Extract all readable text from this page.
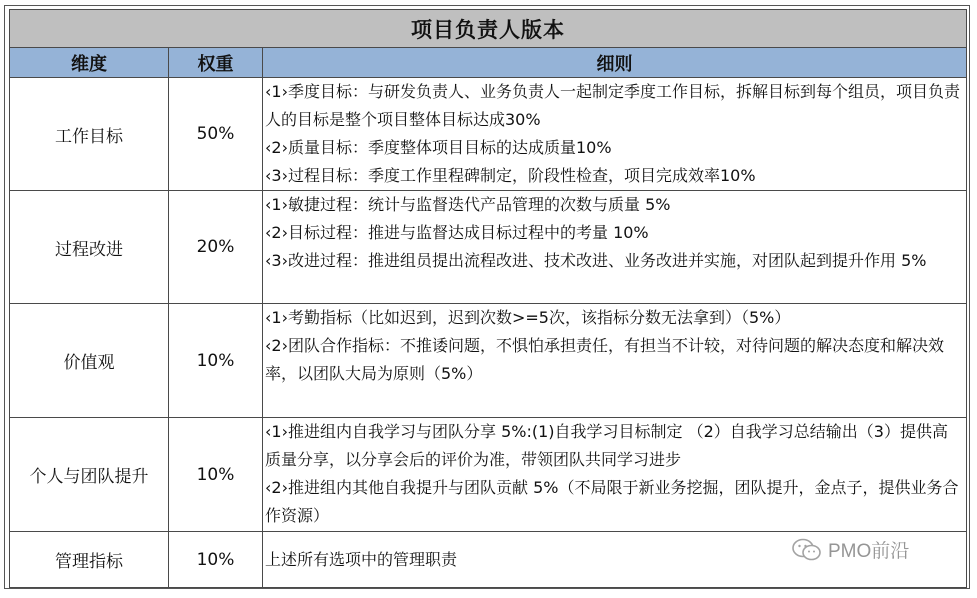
项目负责人版本		
维度	权重	细则
工作目标	50%	‹1›季度目标：与研发负责人、业务负责人一起制定季度工作目标，拆解目标到每个组员，项目负责人的目标是整个项目整体目标达成30%
‹2›质量目标：季度整体项目目标的达成质量10%
‹3›过程目标：季度工作里程碑制定，阶段性检查，项目完成效率10%

过程改进	20%	‹1›敏捷过程：统计与监督迭代产品管理的次数与质量 5%
‹2›目标过程：推进与监督达成目标过程中的考量 10%
‹3›改进过程：推进组员提出流程改进、技术改进、业务改进并实施，对团队起到提升作用 5%

价值观	10%	‹1›考勤指标（比如迟到，迟到次数>=5次，该指标分数无法拿到）（5%）
‹2›团队合作指标：不推诿问题，不惧怕承担责任，有担当不计较，对待问题的解决态度和解决效率，以团队大局为原则（5%）

个人与团队提升	10%	‹1›推进组内自我学习与团队分享 5%:(1)自我学习目标制定 （2）自我学习总结输出（3）提供高质量分享，以分享会后的评价为准，带领团队共同学习进步
‹2›推进组内其他自我提升与团队贡献 5%（不局限于新业务挖掘，团队提升，金点子，提供业务合作资源）

管理指标	10%	上述所有选项中的管理职责	PMO前沿
